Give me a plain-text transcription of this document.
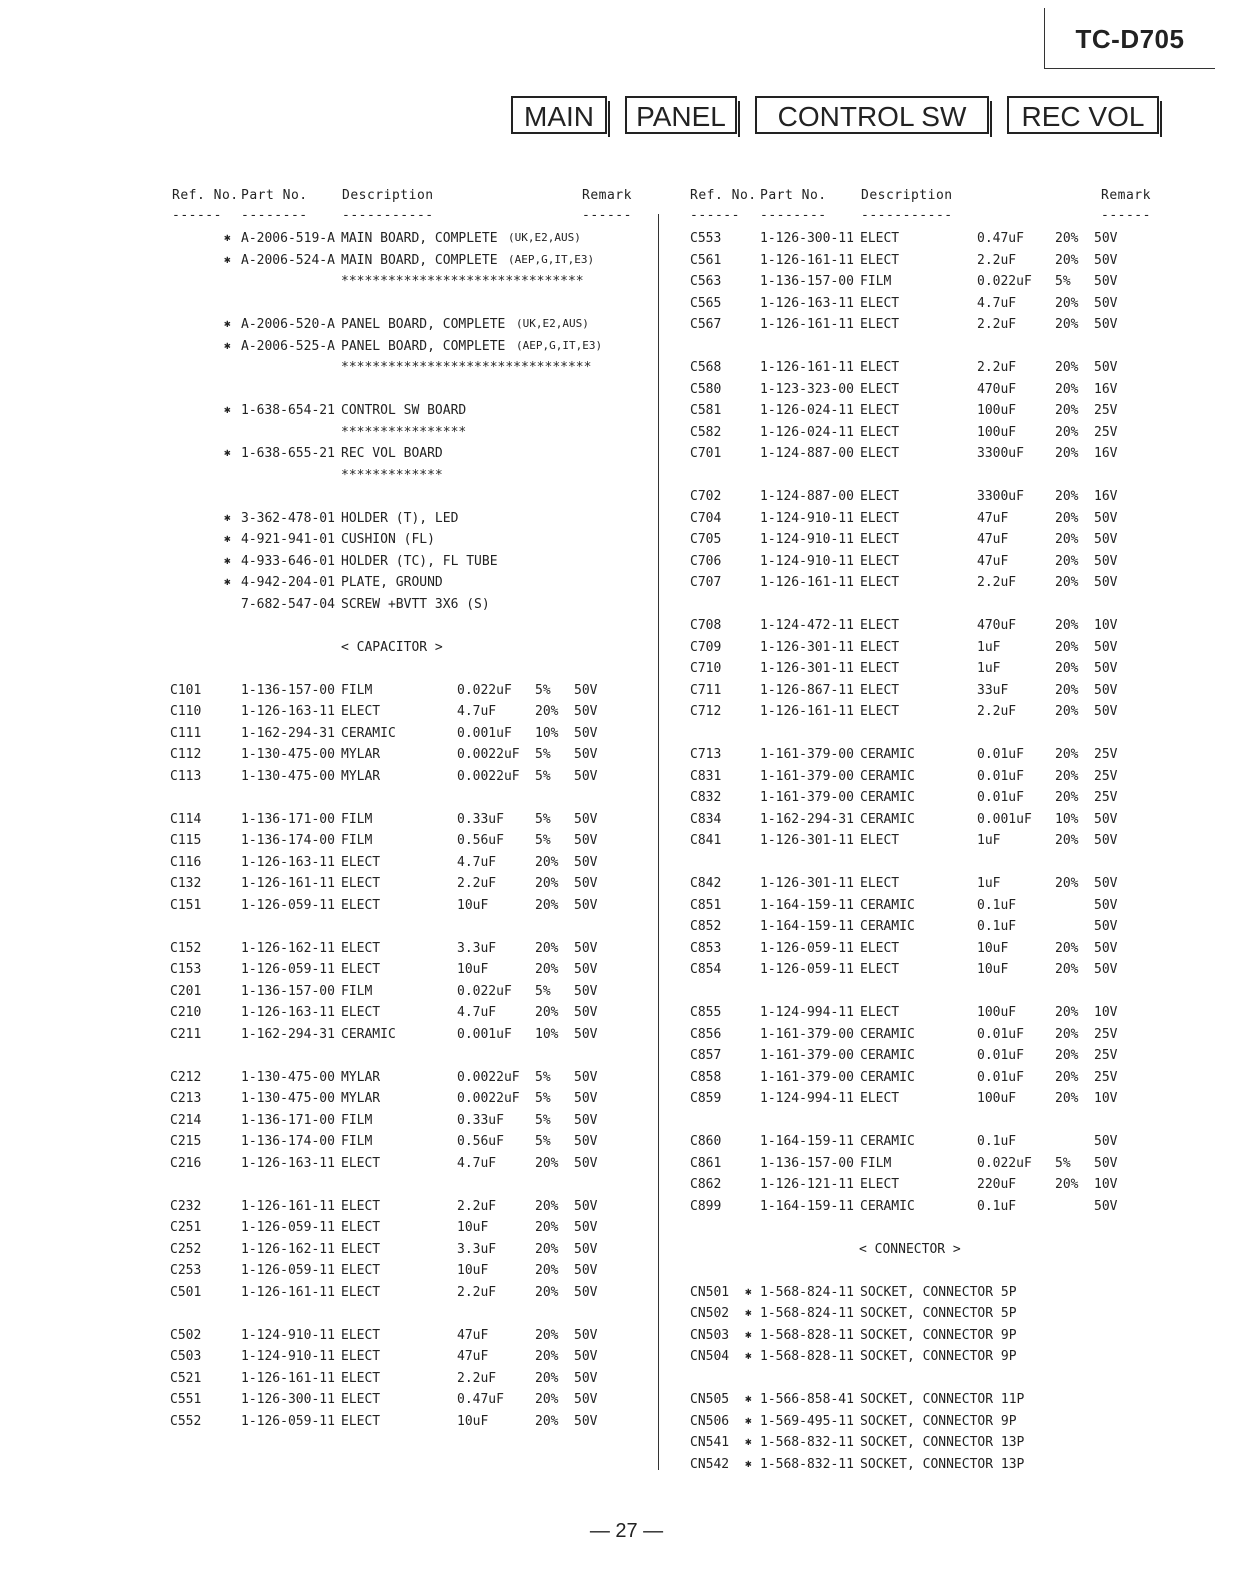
TC-D705
MAIN	PANEL	CONTROL SW	REC VOL
Ref. No. Part No.	Description	Remark
------ --------	-----------	------
Ref. No. Part No.	Description	Remark
------ --------	-----------	------
✱ A-2006-519-A MAIN BOARD, COMPLETE (UK,E2,AUS)
✱ A-2006-524-A MAIN BOARD, COMPLETE (AEP,G,IT,E3)
*******************************
✱ A-2006-520-A PANEL BOARD, COMPLETE (UK,E2,AUS)
✱ A-2006-525-A PANEL BOARD, COMPLETE (AEP,G,IT,E3)
********************************
✱ 1-638-654-21 CONTROL SW BOARD
****************
✱ 1-638-655-21 REC VOL BOARD
*************
✱ 3-362-478-01 HOLDER (T), LED
✱ 4-921-941-01 CUSHION (FL)
✱ 4-933-646-01 HOLDER (TC), FL TUBE
✱ 4-942-204-01 PLATE, GROUND
7-682-547-04 SCREW +BVTT 3X6 (S)
< CAPACITOR >
C101	1-136-157-00 FILM	0.022uF 5% 50V
C110	1-126-163-11 ELECT	4.7uF	20% 50V
C111	1-162-294-31 CERAMIC	0.001uF 10% 50V
C112	1-130-475-00 MYLAR	0.0022uF 5% 50V
C113	1-130-475-00 MYLAR	0.0022uF 5% 50V
C114	1-136-171-00 FILM	0.33uF 5% 50V
C115	1-136-174-00 FILM	0.56uF 5% 50V
C116	1-126-163-11 ELECT	4.7uF	20% 50V
C132	1-126-161-11 ELECT	2.2uF	20% 50V
C151	1-126-059-11 ELECT	10uF	20% 50V
C152	1-126-162-11 ELECT	3.3uF	20% 50V
C153	1-126-059-11 ELECT	10uF	20% 50V
C201	1-136-157-00 FILM	0.022uF 5% 50V
C210	1-126-163-11 ELECT	4.7uF	20% 50V
C211	1-162-294-31 CERAMIC	0.001uF 10% 50V
C212	1-130-475-00 MYLAR	0.0022uF 5% 50V
C213	1-130-475-00 MYLAR	0.0022uF 5% 50V
C214	1-136-171-00 FILM	0.33uF 5% 50V
C215	1-136-174-00 FILM	0.56uF 5% 50V
C216	1-126-163-11 ELECT	4.7uF	20% 50V
C232	1-126-161-11 ELECT	2.2uF	20% 50V
C251	1-126-059-11 ELECT	10uF	20% 50V
C252	1-126-162-11 ELECT	3.3uF	20% 50V
C253	1-126-059-11 ELECT	10uF	20% 50V
C501	1-126-161-11 ELECT	2.2uF	20% 50V
C502	1-124-910-11 ELECT	47uF	20% 50V
C503	1-124-910-11 ELECT	47uF	20% 50V
C521	1-126-161-11 ELECT	2.2uF	20% 50V
C551	1-126-300-11 ELECT	0.47uF 20% 50V
C552	1-126-059-11 ELECT	10uF	20% 50V
C553	1-126-300-11 ELECT	0.47uF 20% 50V
C561	1-126-161-11 ELECT	2.2uF	20% 50V
C563	1-136-157-00 FILM	0.022uF 5% 50V
C565	1-126-163-11 ELECT	4.7uF	20% 50V
C567	1-126-161-11 ELECT	2.2uF	20% 50V
C568	1-126-161-11 ELECT	2.2uF	20% 50V
C580	1-123-323-00 ELECT	470uF	20% 16V
C581	1-126-024-11 ELECT	100uF	20% 25V
C582	1-126-024-11 ELECT	100uF	20% 25V
C701	1-124-887-00 ELECT	3300uF 20% 16V
C702	1-124-887-00 ELECT	3300uF 20% 16V
C704	1-124-910-11 ELECT	47uF	20% 50V
C705	1-124-910-11 ELECT	47uF	20% 50V
C706	1-124-910-11 ELECT	47uF	20% 50V
C707	1-126-161-11 ELECT	2.2uF	20% 50V
C708	1-124-472-11 ELECT	470uF	20% 10V
C709	1-126-301-11 ELECT	1uF	20% 50V
C710	1-126-301-11 ELECT	1uF	20% 50V
C711	1-126-867-11 ELECT	33uF	20% 50V
C712	1-126-161-11 ELECT	2.2uF	20% 50V
C713	1-161-379-00 CERAMIC	0.01uF 20% 25V
C831	1-161-379-00 CERAMIC	0.01uF 20% 25V
C832	1-161-379-00 CERAMIC	0.01uF 20% 25V
C834	1-162-294-31 CERAMIC	0.001uF 10% 50V
C841	1-126-301-11 ELECT	1uF	20% 50V
C842	1-126-301-11 ELECT	1uF	20% 50V
C851	1-164-159-11 CERAMIC	0.1uF	50V
C852	1-164-159-11 CERAMIC	0.1uF	50V
C853	1-126-059-11 ELECT	10uF	20% 50V
C854	1-126-059-11 ELECT	10uF	20% 50V
C855	1-124-994-11 ELECT	100uF	20% 10V
C856	1-161-379-00 CERAMIC	0.01uF 20% 25V
C857	1-161-379-00 CERAMIC	0.01uF 20% 25V
C858	1-161-379-00 CERAMIC	0.01uF 20% 25V
C859	1-124-994-11 ELECT	100uF	20% 10V
C860	1-164-159-11 CERAMIC	0.1uF	50V
C861	1-136-157-00 FILM	0.022uF 5% 50V
C862	1-126-121-11 ELECT	220uF	20% 10V
C899	1-164-159-11 CERAMIC	0.1uF	50V
< CONNECTOR >
CN501 ✱ 1-568-824-11 SOCKET, CONNECTOR 5P
CN502 ✱ 1-568-824-11 SOCKET, CONNECTOR 5P
CN503 ✱ 1-568-828-11 SOCKET, CONNECTOR 9P
CN504 ✱ 1-568-828-11 SOCKET, CONNECTOR 9P
CN505 ✱ 1-566-858-41 SOCKET, CONNECTOR 11P
CN506 ✱ 1-569-495-11 SOCKET, CONNECTOR 9P
CN541 ✱ 1-568-832-11 SOCKET, CONNECTOR 13P
CN542 ✱ 1-568-832-11 SOCKET, CONNECTOR 13P
— 27 —
